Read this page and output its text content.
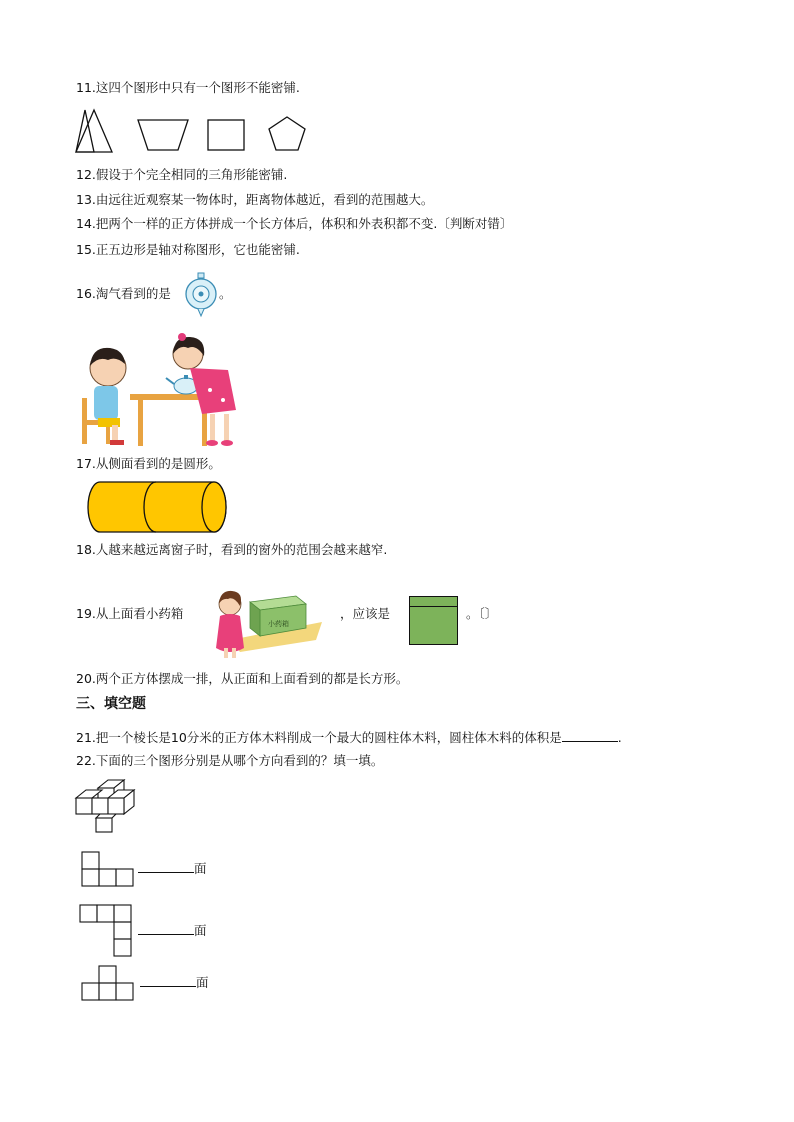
11.这四个图形中只有一个图形不能密铺.
12.假设于个完全相同的三角形能密铺.
13.由远往近观察某一物体时，距离物体越近，看到的范围越大。
14.把两个一样的正方体拼成一个长方体后，体积和外表积都不变.〔判断对错〕
15.正五边形是轴对称图形，它也能密铺.
16.淘气看到的是	。
17.从侧面看到的是圆形。
18.人越来越远离窗子时，看到的窗外的范围会越来越窄.
19.从上面看小药箱
小药箱
，应该是	。〔〕
20.两个正方体摆成一排，从正面和上面看到的都是长方形。
三、填空题
21.把一个棱长是10分米的正方体木料削成一个最大的圆柱体木料，圆柱体木料的体积是	.
22.下面的三个图形分别是从哪个方向看到的？填一填。
面
面
面
